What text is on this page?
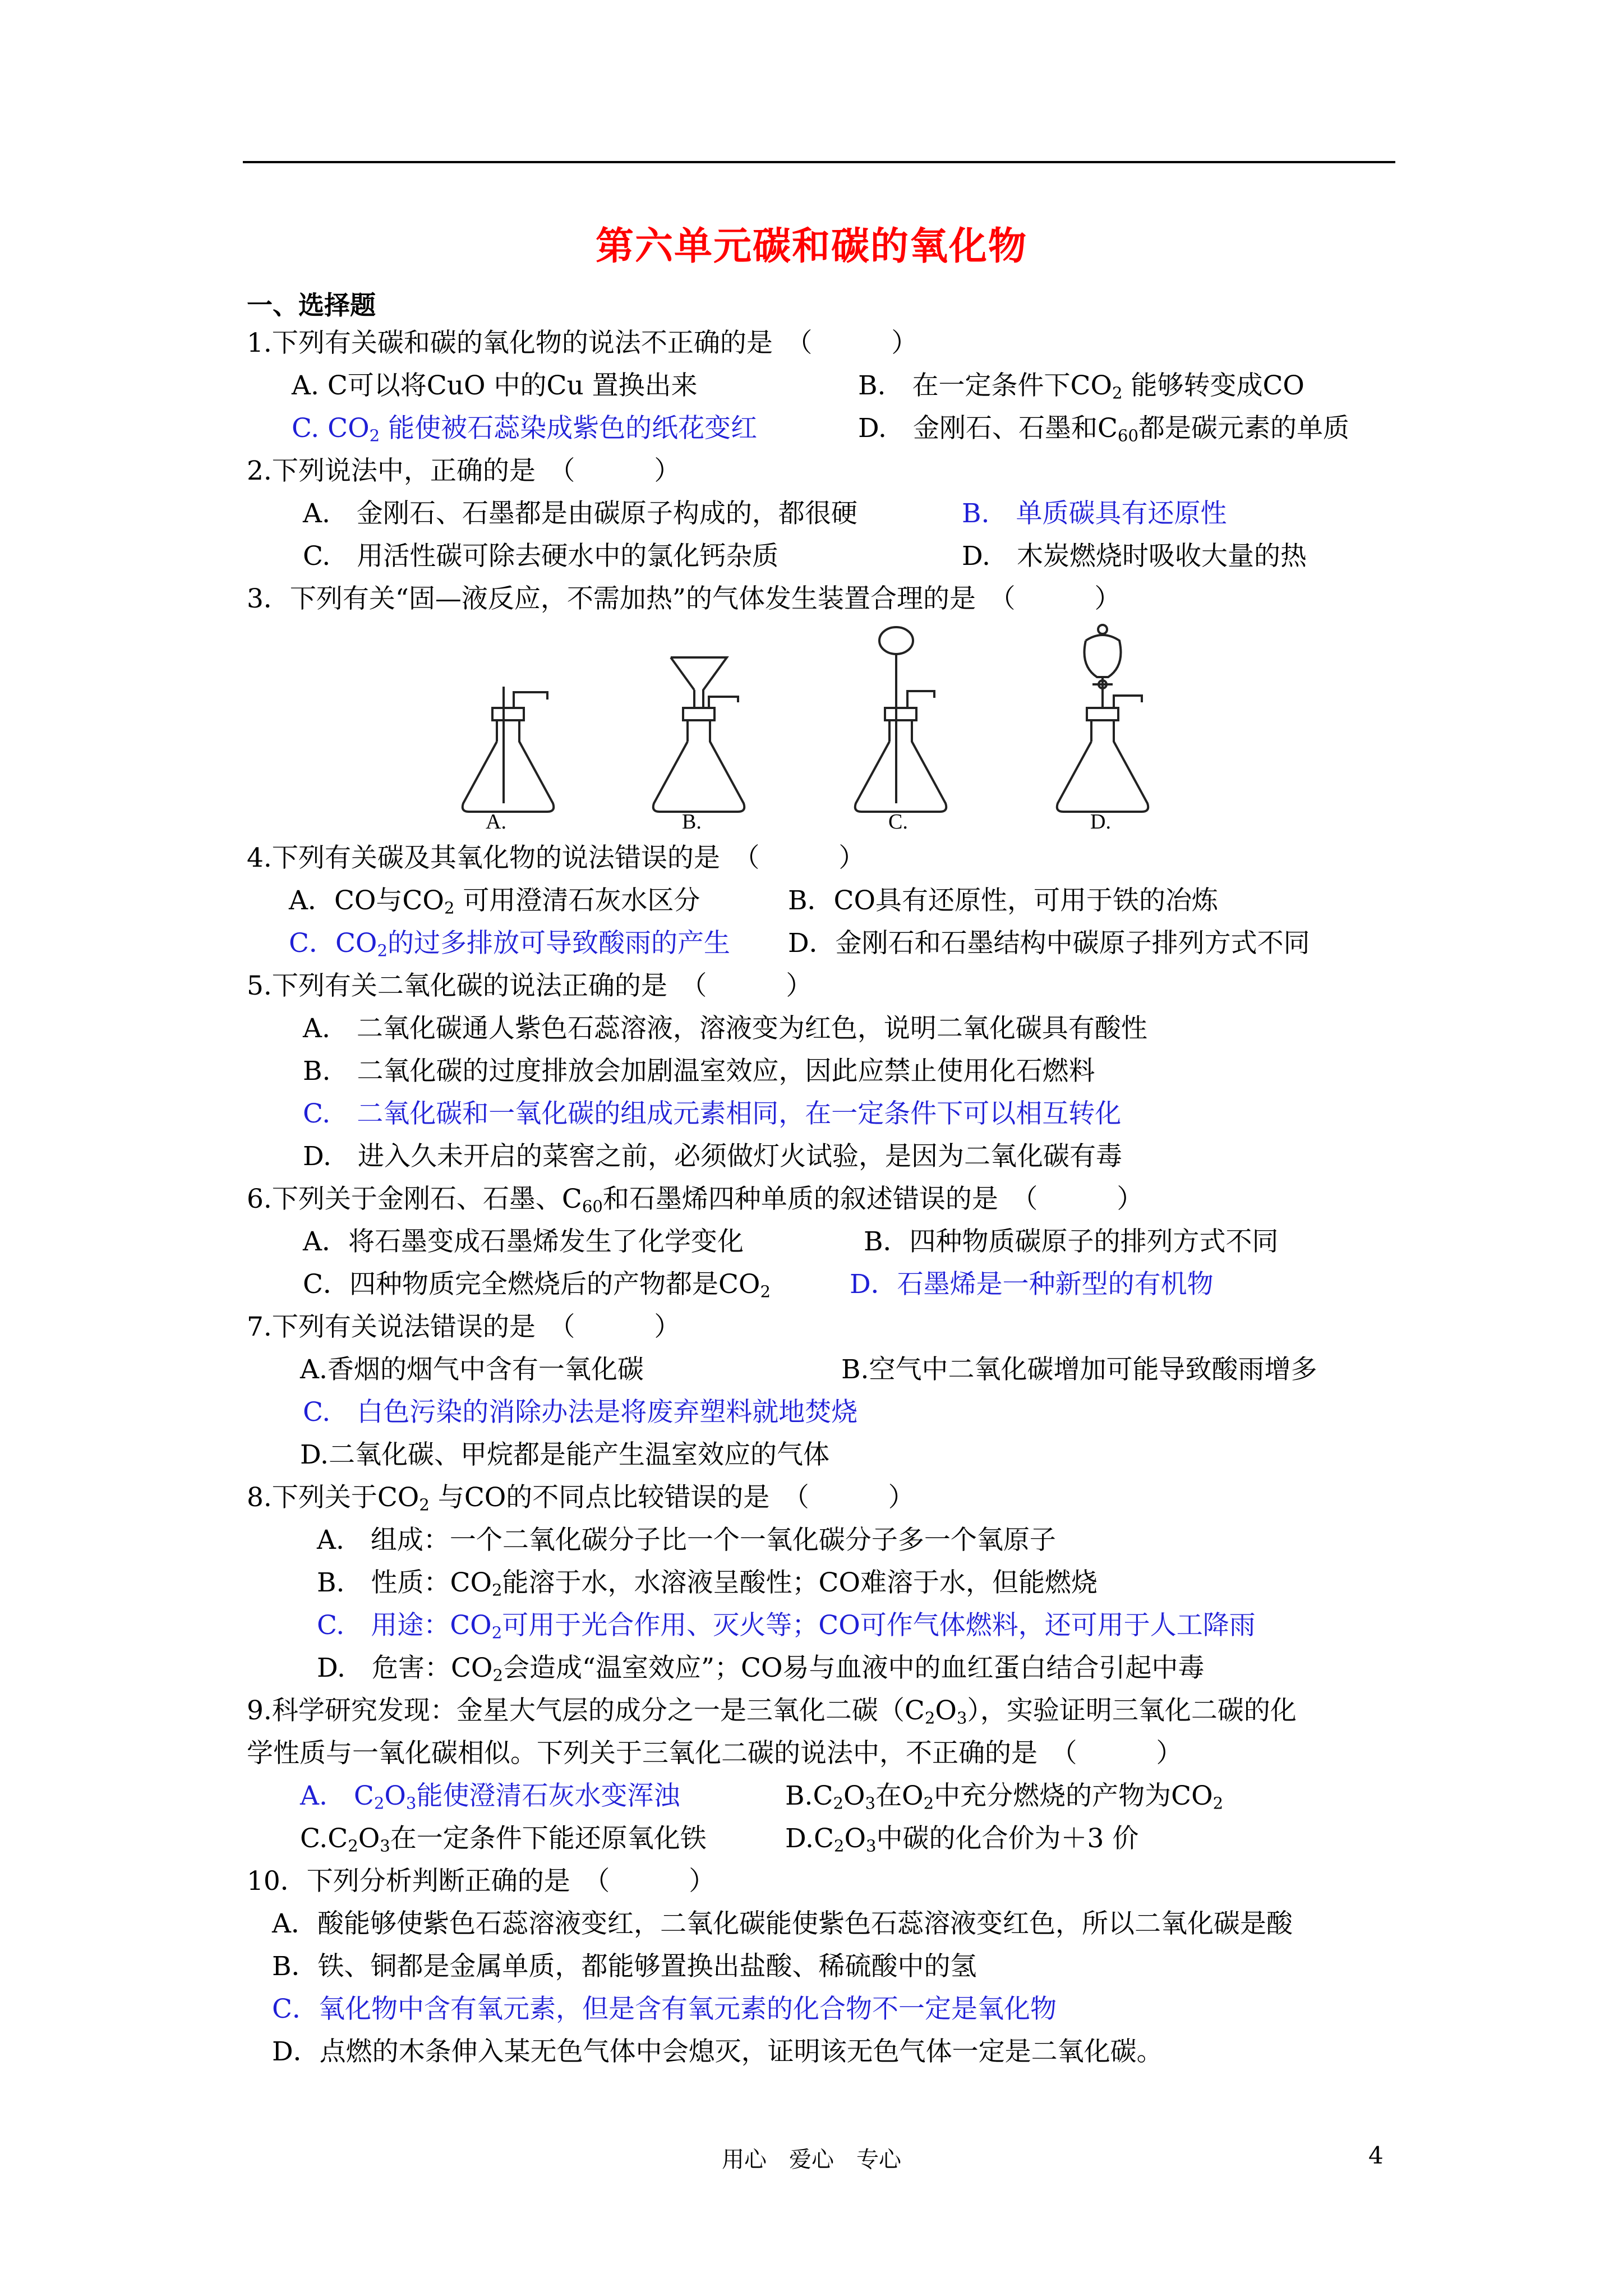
第六单元碳和碳的氧化物
一、选择题
1.下列有关碳和碳的氧化物的说法不正确的是　（　　　）
A. C可以将CuO 中的Cu 置换出来	B.　在一定条件下$CO_2$ 能够转变成CO
C. $CO_2$ 能使被石蕊染成紫色的纸花变红	D.　金刚石、石墨和$C_{60}$都是碳元素的单质
2.下列说法中，正确的是　（　　　）
A.　金刚石、石墨都是由碳原子构成的，都很硬	B.　单质碳具有还原性
C.　用活性碳可除去硬水中的氯化钙杂质	D.　木炭燃烧时吸收大量的热
3．下列有关“固—液反应，不需加热”的气体发生装置合理的是　（　　　）
A.	B.	C.	D.
4.下列有关碳及其氧化物的说法错误的是　（　　　）
A．CO与$CO_2$ 可用澄清石灰水区分	B．CO具有还原性，可用于铁的冶炼
C．$CO_2$的过多排放可导致酸雨的产生 D．金刚石和石墨结构中碳原子排列方式不同
5.下列有关二氧化碳的说法正确的是　（　　　）
A.　二氧化碳通人紫色石蕊溶液，溶液变为红色，说明二氧化碳具有酸性
B.　二氧化碳的过度排放会加剧温室效应，因此应禁止使用化石燃料
C.　二氧化碳和一氧化碳的组成元素相同，在一定条件下可以相互转化
D.　进入久未开启的菜窖之前，必须做灯火试验，是因为二氧化碳有毒
6.下列关于金刚石、石墨、$C_{60}$和石墨烯四种单质的叙述错误的是　（　　　）
A．将石墨变成石墨烯发生了化学变化	B．四种物质碳原子的排列方式不同
C．四种物质完全燃烧后的产物都是$CO_2$	D．石墨烯是一种新型的有机物
7.下列有关说法错误的是　（　　　）
A.香烟的烟气中含有一氧化碳	B.空气中二氧化碳增加可能导致酸雨增多
C.　白色污染的消除办法是将废弃塑料就地焚烧
D.二氧化碳、甲烷都是能产生温室效应的气体
8.下列关于$CO_2$ 与CO的不同点比较错误的是　（　　　）
A.　组成：一个二氧化碳分子比一个一氧化碳分子多一个氧原子
B.　性质：$CO_2$能溶于水，水溶液呈酸性；CO难溶于水，但能燃烧
C.　用途：$CO_2$可用于光合作用、灭火等；CO可作气体燃料，还可用于人工降雨
D.　危害：$CO_2$会造成“温室效应”；CO易与血液中的血红蛋白结合引起中毒
9.科学研究发现：金星大气层的成分之一是三氧化二碳$(C_2O_3)$，实验证明三氧化二碳的化
学性质与一氧化碳相似。下列关于三氧化二碳的说法中，不正确的是　（　　　）
A.　$C_2O_3$能使澄清石灰水变浑浊	$B.C_2O_3$在$O_2$中充分燃烧的产物为$CO_2$
$C.C_2O_3$在一定条件下能还原氧化铁	$D.C_2O_3$中碳的化合价为＋3 价
10．下列分析判断正确的是　（　　　）
A．酸能够使紫色石蕊溶液变红，二氧化碳能使紫色石蕊溶液变红色，所以二氧化碳是酸
B．铁、铜都是金属单质，都能够置换出盐酸、稀硫酸中的氢
C．氧化物中含有氧元素，但是含有氧元素的化合物不一定是氧化物
D．点燃的木条伸入某无色气体中会熄灭，证明该无色气体一定是二氧化碳。
用心　爱心　专心	4
